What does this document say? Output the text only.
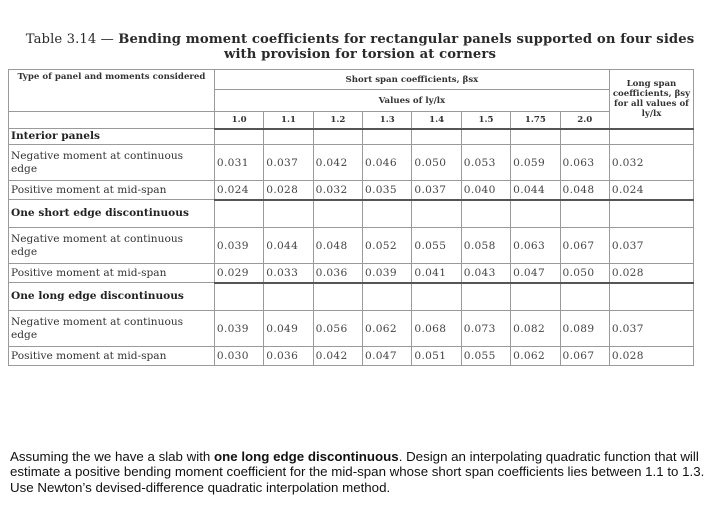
Table 3.14 — Bending moment coefficients for rectangular panels supported on four sides with provision for torsion at corners
Type of panel and moments considered	Short span coefficients, βsx								Long span coefficients, βsy for all values of ly/lx
	Values of ly/lx								
	1.0	1.1	1.2	1.3	1.4	1.5	1.75	2.0	
Interior panels									
Negative moment at continuous edge	0.031	0.037	0.042	0.046	0.050	0.053	0.059	0.063	0.032
Positive moment at mid-span	0.024	0.028	0.032	0.035	0.037	0.040	0.044	0.048	0.024
One short edge discontinuous									
Negative moment at continuous edge	0.039	0.044	0.048	0.052	0.055	0.058	0.063	0.067	0.037
Positive moment at mid-span	0.029	0.033	0.036	0.039	0.041	0.043	0.047	0.050	0.028
One long edge discontinuous									
Negative moment at continuous edge	0.039	0.049	0.056	0.062	0.068	0.073	0.082	0.089	0.037
Positive moment at mid-span	0.030	0.036	0.042	0.047	0.051	0.055	0.062	0.067	0.028
Assuming the we have a slab with one long edge discontinuous. Design an interpolating quadratic function that will estimate a positive bending moment coefficient for the mid-span whose short span coefficients lies between 1.1 to 1.3. Use Newton’s devised-difference quadratic interpolation method.
